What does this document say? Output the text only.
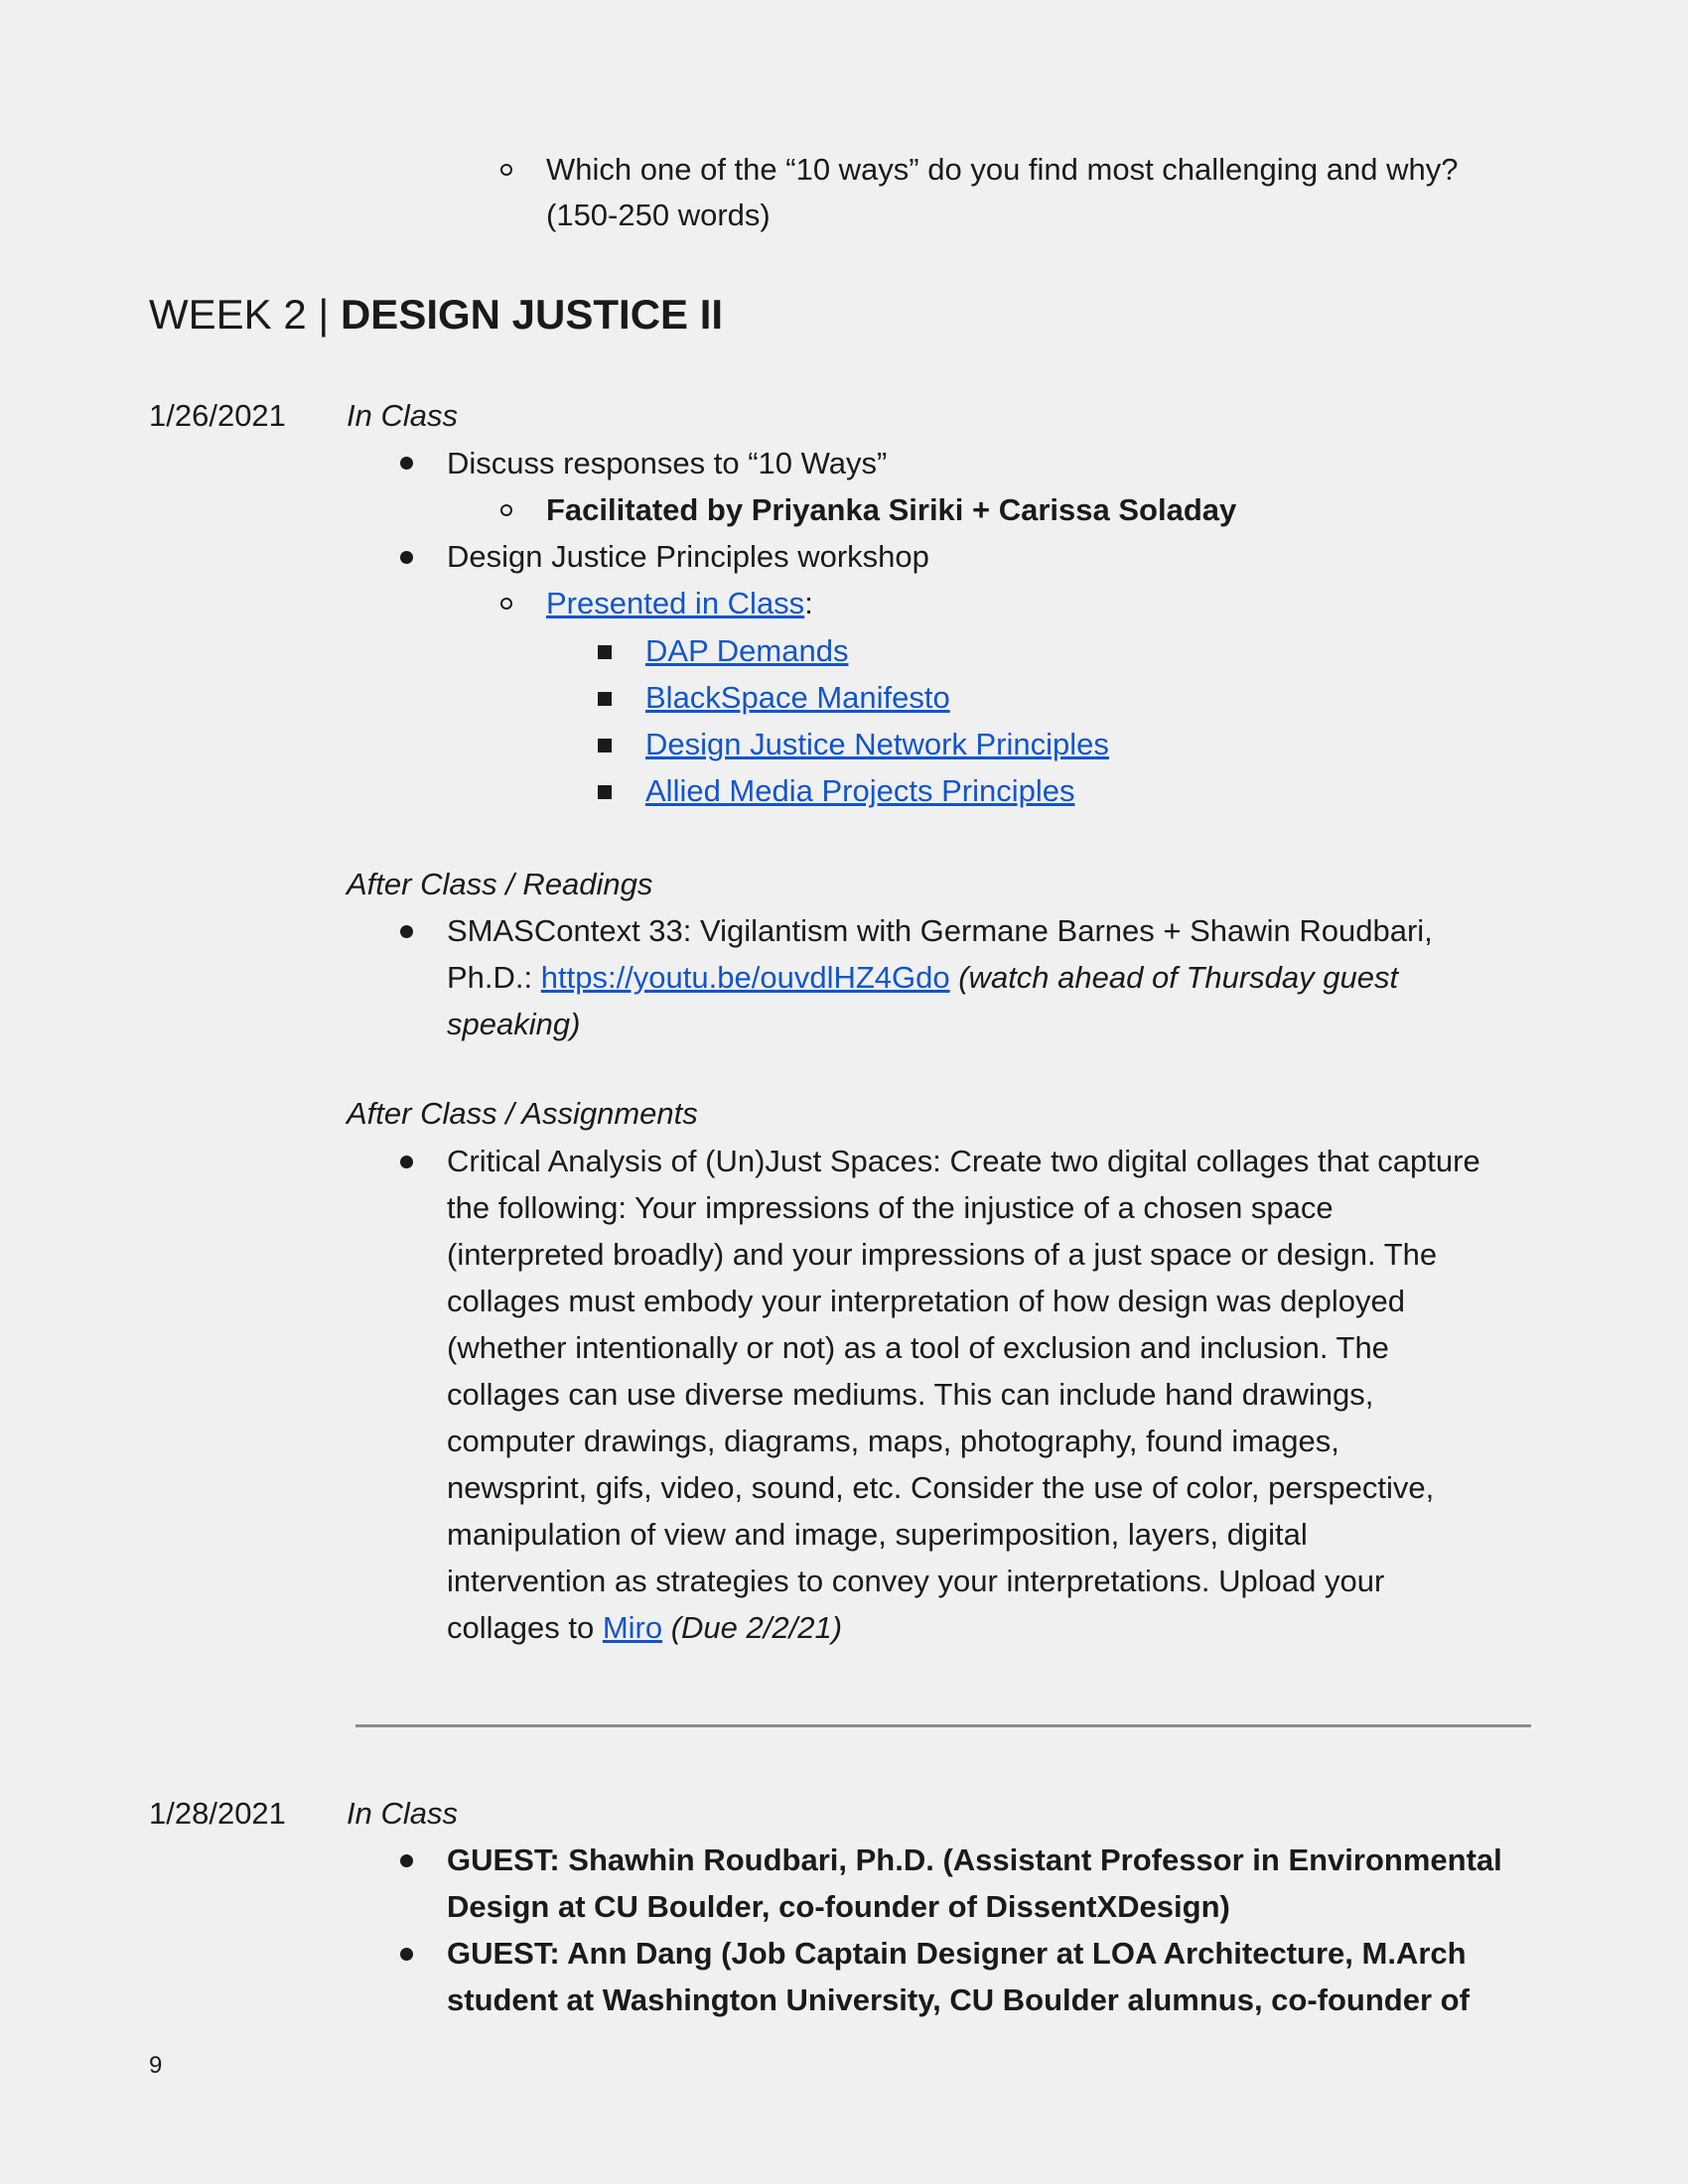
Which one of the “10 ways” do you find most challenging and why?
(150-250 words)
WEEK 2 | DESIGN JUSTICE II
1/26/2021 In Class
Discuss responses to “10 Ways”
Facilitated by Priyanka Siriki + Carissa Soladay
Design Justice Principles workshop
Presented in Class:
DAP Demands
BlackSpace Manifesto
Design Justice Network Principles
Allied Media Projects Principles
After Class / Readings
SMASContext 33: Vigilantism with Germane Barnes + Shawin Roudbari,
Ph.D.: https://youtu.be/ouvdlHZ4Gdo (watch ahead of Thursday guest
speaking)
After Class / Assignments
Critical Analysis of (Un)Just Spaces: Create two digital collages that capture
the following: Your impressions of the injustice of a chosen space
(interpreted broadly) and your impressions of a just space or design. The
collages must embody your interpretation of how design was deployed
(whether intentionally or not) as a tool of exclusion and inclusion. The
collages can use diverse mediums. This can include hand drawings,
computer drawings, diagrams, maps, photography, found images,
newsprint, gifs, video, sound, etc. Consider the use of color, perspective,
manipulation of view and image, superimposition, layers, digital
intervention as strategies to convey your interpretations. Upload your
collages to Miro (Due 2/2/21)
1/28/2021 In Class
GUEST: Shawhin Roudbari, Ph.D. (Assistant Professor in Environmental
Design at CU Boulder, co-founder of DissentXDesign)
GUEST: Ann Dang (Job Captain Designer at LOA Architecture, M.Arch
student at Washington University, CU Boulder alumnus, co-founder of
9
